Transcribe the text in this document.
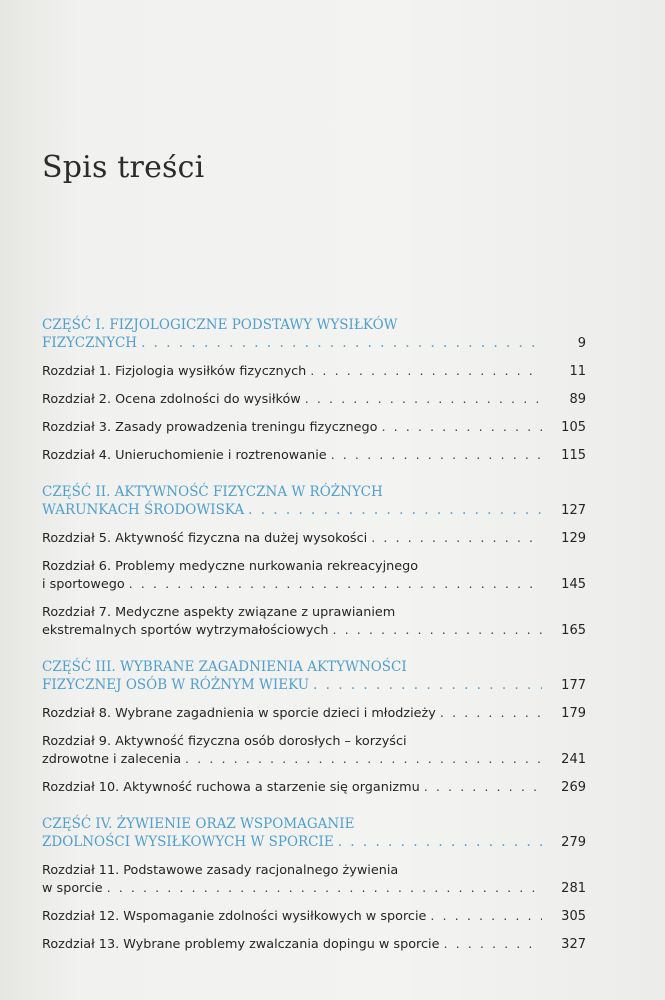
Spis treści
CZĘŚĆ I. FIZJOLOGICZNE PODSTAWY WYSIŁKÓW
FIZYCZNYCH . . .	9
Rozdział 1. Fizjologia wysiłków fizycznych . . .	11
Rozdział 2. Ocena zdolności do wysiłków . . .	89
Rozdział 3. Zasady prowadzenia treningu fizycznego . . .	105
Rozdział 4. Unieruchomienie i roztrenowanie . . .	115
CZĘŚĆ II. AKTYWNOŚĆ FIZYCZNA W RÓŻNYCH
WARUNKACH ŚRODOWISKA . . .	127
Rozdział 5. Aktywność fizyczna na dużej wysokości . . .	129
Rozdział 6. Problemy medyczne nurkowania rekreacyjnego
i sportowego . . .	145
Rozdział 7. Medyczne aspekty związane z uprawianiem
ekstremalnych sportów wytrzymałościowych . . .	165
CZĘŚĆ III. WYBRANE ZAGADNIENIA AKTYWNOŚCI
FIZYCZNEJ OSÓB W RÓŻNYM WIEKU . . .	177
Rozdział 8. Wybrane zagadnienia w sporcie dzieci i młodzieży . . .	179
Rozdział 9. Aktywność fizyczna osób dorosłych – korzyści
zdrowotne i zalecenia . . .	241
Rozdział 10. Aktywność ruchowa a starzenie się organizmu . . .	269
CZĘŚĆ IV. ŻYWIENIE ORAZ WSPOMAGANIE
ZDOLNOŚCI WYSIŁKOWYCH W SPORCIE . . .	279
Rozdział 11. Podstawowe zasady racjonalnego żywienia
w sporcie . . .	281
Rozdział 12. Wspomaganie zdolności wysiłkowych w sporcie . . .	305
Rozdział 13. Wybrane problemy zwalczania dopingu w sporcie . . .	327
